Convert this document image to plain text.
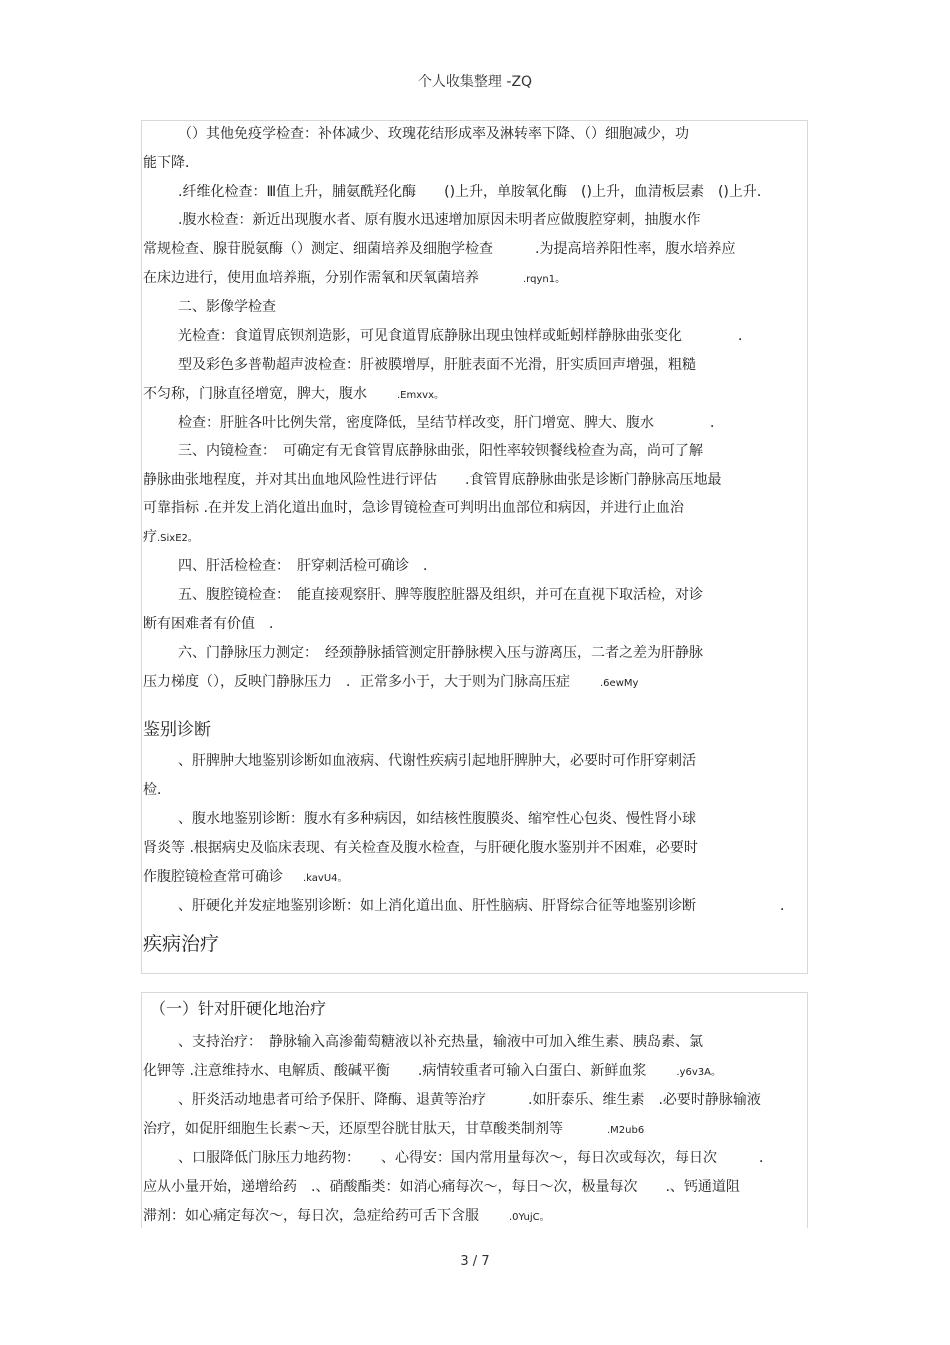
个人收集整理 -ZQ
（）其他免疫学检查：补体减少、玫瑰花结形成率及淋转率下降、（）细胞减少，功
能下降．
.纤维化检查：Ⅲ值上升，脯氨酰羟化酶　　()上升，单胺氧化酶　()上升，血清板层素　()上升．
.腹水检查：新近出现腹水者、原有腹水迅速增加原因未明者应做腹腔穿刺，抽腹水作
常规检查、腺苷脱氨酶（）测定、细菌培养及细胞学检查　　　.为提高培养阳性率，腹水培养应
在床边进行，使用血培养瓶，分别作需氧和厌氧菌培养	.rqyn1。
二、影像学检查
光检查：食道胃底钡剂造影，可见食道胃底静脉出现虫蚀样或蚯蚓样静脉曲张变化　　　　．
型及彩色多普勒超声波检查：肝被膜增厚，肝脏表面不光滑，肝实质回声增强，粗糙
不匀称，门脉直径增宽，脾大，腹水	.Emxvx。
检查：肝脏各叶比例失常，密度降低，呈结节样改变，肝门增宽、脾大、腹水　　　　．
三、内镜检查：　可确定有无食管胃底静脉曲张，阳性率较钡餐线检查为高，尚可了解
静脉曲张地程度，并对其出血地风险性进行评估　　.食管胃底静脉曲张是诊断门静脉高压地最
可靠指标 .在并发上消化道出血时，急诊胃镜检查可判明出血部位和病因，并进行止血治
疗.SixE2。
四、肝活检检查：　肝穿刺活检可确诊　．
五、腹腔镜检查：　能直接观察肝、脾等腹腔脏器及组织，并可在直视下取活检，对诊
断有困难者有价值　．
六、门静脉压力测定：　经颈静脉插管测定肝静脉楔入压与游离压，二者之差为肝静脉
压力梯度（），反映门静脉压力　．正常多小于，大于则为门脉高压症	.6ewMy
鉴别诊断
、肝脾肿大地鉴别诊断如血液病、代谢性疾病引起地肝脾肿大，必要时可作肝穿刺活
检．
、腹水地鉴别诊断：腹水有多种病因，如结核性腹膜炎、缩窄性心包炎、慢性肾小球
肾炎等 .根据病史及临床表现、有关检查及腹水检查，与肝硬化腹水鉴别并不困难，必要时
作腹腔镜检查常可确诊 .kavU4。
、肝硬化并发症地鉴别诊断：如上消化道出血、肝性脑病、肝肾综合征等地鉴别诊断　　　　　　．
疾病治疗
（一）针对肝硬化地治疗
、支持治疗：　静脉输入高渗葡萄糖液以补充热量，输液中可加入维生素、胰岛素、氯
化钾等 .注意维持水、电解质、酸碱平衡　　.病情较重者可输入白蛋白、新鲜血浆	.y6v3A。
、肝炎活动地患者可给予保肝、降酶、退黄等治疗　　　.如肝泰乐、维生素　.必要时静脉输液
治疗，如促肝细胞生长素～天，还原型谷胱甘肽天，甘草酸类制剂等	.M2ub6
、口服降低门脉压力地药物：　　、心得安：国内常用量每次～，每日次或每次，每日次　　　．
应从小量开始，递增给药　.、硝酸酯类：如消心痛每次～，每日～次，极量每次　　.、钙通道阻
滞剂：如心痛定每次～，每日次，急症给药可舌下含服	.0YujC。
3 / 7
